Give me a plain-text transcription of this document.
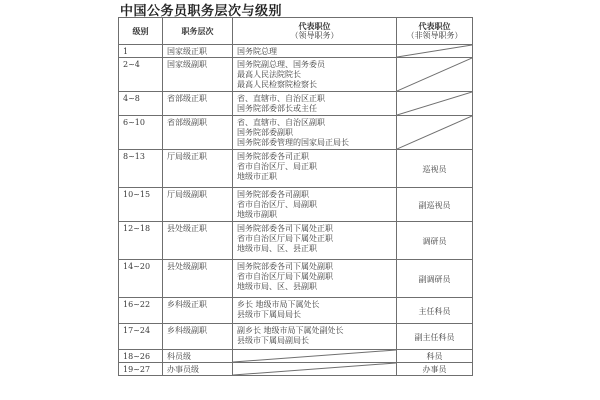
中国公务员职务层次与级别
级别	职务层次	代表职位
（领导职务）	代表职位
（非领导职务）

1	国家级正职	国务院总理

2~4	国家级副职	国务院副总理、国务委员
最高人民法院院长
最高人民检察院检察长

4~8	省部级正职	省、直辖市、自治区正职
国务院部委部长或主任

6~10	省部级副职	省、直辖市、自治区副职
国务院部委副职
国务院部委管理的国家局正局长

8~13	厅局级正职	国务院部委各司正职
省市自治区厅、局正职
地级市正职	巡视员
10~15	厅局级副职	国务院部委各司副职
省市自治区厅、局副职
地级市副职	副巡视员
12~18	县处级正职	国务院部委各司下属处正职
省市自治区厅局下属处正职
地级市局、区、县正职	调研员
14~20	县处级副职	国务院部委各司下属处副职
省市自治区厅局下属处副职
地级市局、区、县副职	副调研员
16~22	乡科级正职	乡长 地级市局下属处长
县级市下属局局长	主任科员
17~24	乡科级副职	副乡长 地级市局下属处副处长
县级市下属局副局长	副主任科员
18~26	科员级		科员
19~27	办事员级		办事员
